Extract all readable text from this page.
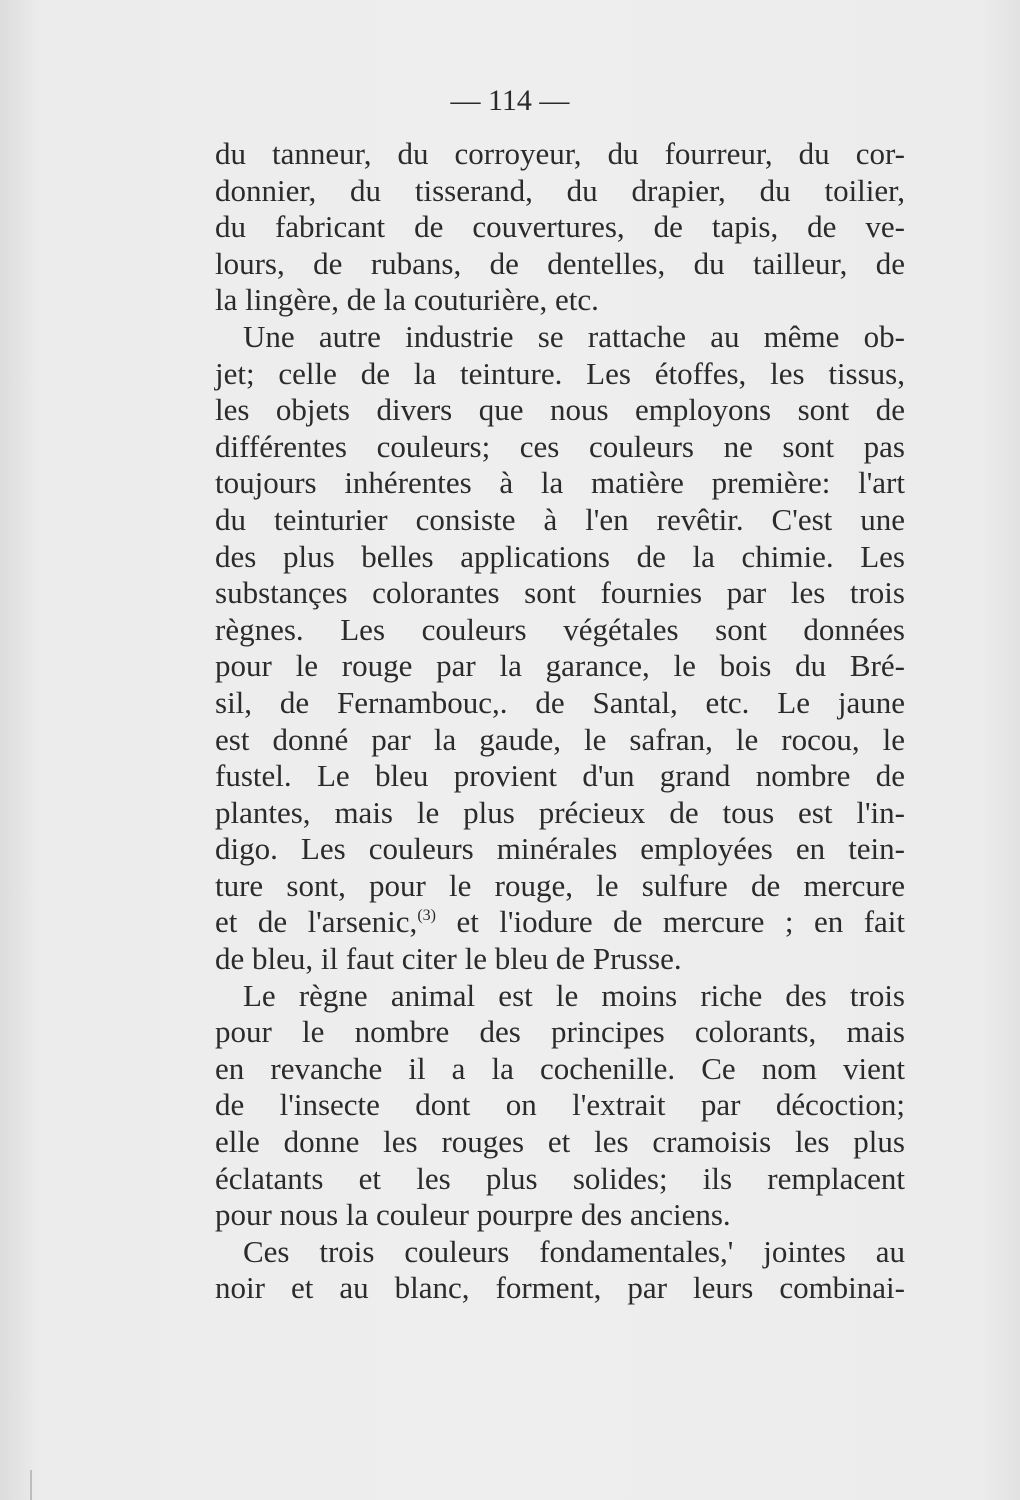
— 114 —
du tanneur, du corroyeur, du fourreur, du cor-
donnier, du tisserand, du drapier, du toilier,
du fabricant de couvertures, de tapis, de ve-
lours, de rubans, de dentelles, du tailleur, de
la lingère, de la couturière, etc.
Une autre industrie se rattache au même ob-
jet; celle de la teinture. Les étoffes, les tissus,
les objets divers que nous employons sont de
différentes couleurs; ces couleurs ne sont pas
toujours inhérentes à la matière première: l'art
du teinturier consiste à l'en revêtir. C'est une
des plus belles applications de la chimie. Les
substançes colorantes sont fournies par les trois
règnes. Les couleurs végétales sont données
pour le rouge par la garance, le bois du Bré-
sil, de Fernambouc,. de Santal, etc. Le jaune
est donné par la gaude, le safran, le rocou, le
fustel. Le bleu provient d'un grand nombre de
plantes, mais le plus précieux de tous est l'in-
digo. Les couleurs minérales employées en tein-
ture sont, pour le rouge, le sulfure de mercure
et de l'arsenic,$^{(3)}$ et l'iodure de mercure ; en fait
de bleu, il faut citer le bleu de Prusse.
Le règne animal est le moins riche des trois
pour le nombre des principes colorants, mais
en revanche il a la cochenille. Ce nom vient
de l'insecte dont on l'extrait par décoction;
elle donne les rouges et les cramoisis les plus
éclatants et les plus solides; ils remplacent
pour nous la couleur pourpre des anciens.
Ces trois couleurs fondamentales,' jointes au
noir et au blanc, forment, par leurs combinai-
